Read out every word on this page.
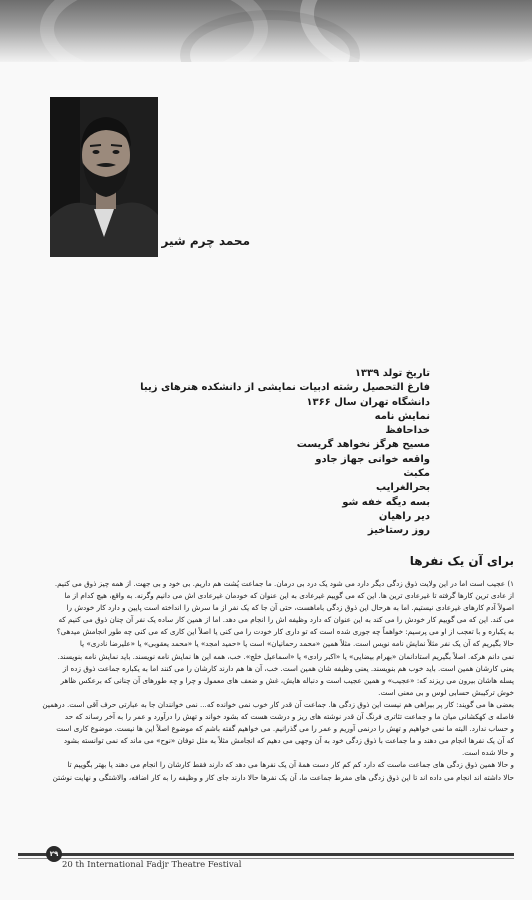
محمد چرم شیر
تاریخ تولد ۱۳۳۹
فارغ التحصیل رشته ادبیات نمایشی از دانشکده هنرهای زیبا
دانشگاه تهران سال ۱۳۶۶
نمایش نامه
خداحافظ
مسیح هرگز نخواهد گریست
واقعه خوانی جهاز جادو
مکبث
بحرالغرایب
بسه دیگه خفه شو
دیر راهیان
روز رستاخیز
برای آن یک نفرها
۱) عجیب است اما در این ولایت ذوق زدگی دیگر دارد می شود یک درد بی درمان. ما جماعت پُشت هم داریم. بی خود و بی جهت. از همه چیز ذوق می کنیم.
از عادی ترین کارها گرفته تا غیرعادی ترین ها. این که می گوییم غیرعادی به این عنوان که خودمان غیرعادی اش می دانیم وگرنه. به واقع، هیچ کدام از ما
اصولاً آدم کارهای غیرعادی نیستیم. اما به هرحال این ذوق زدگی باماهست، حتی آن جا که یک نفر از ما سرش را انداخته است پایین و دارد کار خودش را
می کند. این که می گوییم کار خودش را می کند به این عنوان که دارد وظیفه اش را انجام می دهد. اما از همین کار ساده یک نفر آن چنان ذوق می کنیم که
به یکباره و با تعجب از او می پرسیم: خواهماً چه جوری شده است که تو داری کار خودت را می کنی یا اصلاً این کاری که می کنی چه طور انجامش میدهی؟
حالا بگیریم که آن یک نفر مثلاً نمایش نامه نویس است. مثلاً همین «محمد رحمانیان» است یا «حمید امجد» یا «محمد یعقوبی» یا «علیرضا نادری» یا
نمی دانم هرکه. اصلاً بگیریم استادانمان «بهرام بیضایی» یا «اکبر رادی» یا «اسماعیل خلج». خب، همه این ها نمایش نامه نویسند. باید نمایش نامه بنویسند.
یعنی کارشان همین است. باید خوب هم بنویسند. یعنی وظیفه شان همین است. خب، آن ها هم دارند کارشان را می کنند اما به یکباره جماعت ذوق زده از
پسله هاشان بیرون می ریزند که: «عجیب» و همین عجیب است و دنباله هایش، غش و ضعف های معمول و چرا و چه طورهای آن چنانی که برعکس ظاهر
خوش ترکیبش حسابی لوس و بی معنی است.
بعضی ها می گویند: کار پر بیراهی هم نیست این ذوق زدگی ها. جماعت آن قدر کار خوب نمی خوانده که... نمی خوانندان جا به عبارتی حرف آقی است. درهمین
فاصله ی کهکشانی میان ما و جماعت تئاتری فرنگ آن قدر نوشته های ریز و درشت هست که بشود خواند و تهش را درآورد و عمر را به آخر رساند که حد
و حساب ندارد. البته ما نمی خواهیم و تهش را درنمی آوریم و عمر را می گذرانیم. می خواهیم گفته باشم که موضوع اصلاً این ها نیست. موضوع کاری است
که آن یک نفرها انجام می دهند و ما جماعت با ذوق زدگی خود به آن وجهی می دهیم که انجامش مثلاً به مثل توفان «نوح» می ماند که نمی توانسته بشود
و حالا شده است.
و حالا همین ذوق زدگی های جماعت ماست که دارد کم کم کار دست همهٔ آن یک نفرها می دهد که دارند فقط کارشان را انجام می دهند یا بهتر بگوییم تا
حالا داشته اند انجام می داده اند تا این ذوق زدگی های مفرط جماعت ما، آن یک نفرها حالا دارند جای کار و وظیفه را به کار اضافه، والاشتگی و نهایت نوشتن
۲۹
20 th International Fadjr Theatre Festival
